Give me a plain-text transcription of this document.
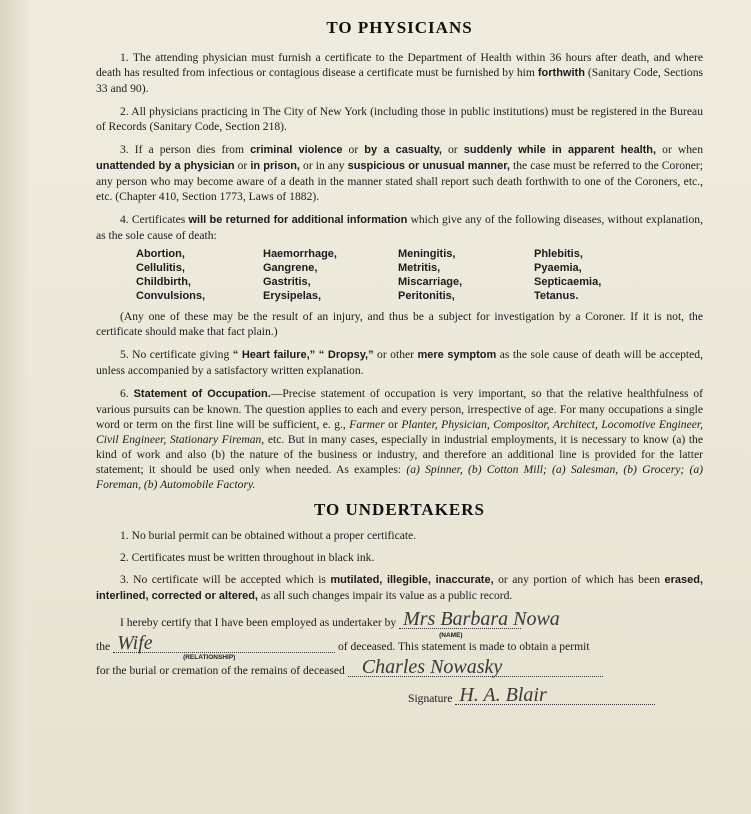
TO PHYSICIANS

1. The attending physician must furnish a certificate to the Department of Health within 36 hours after death, and where death has resulted from infectious or contagious disease a certificate must be furnished by him forthwith (Sanitary Code, Sections 33 and 90).

2. All physicians practicing in The City of New York (including those in public institutions) must be registered in the Bureau of Records (Sanitary Code, Section 218).

3. If a person dies from criminal violence or by a casualty, or suddenly while in apparent health, or when unattended by a physician or in prison, or in any suspicious or unusual manner, the case must be referred to the Coroner; any person who may become aware of a death in the manner stated shall report such death forthwith to one of the Coroners, etc., etc. (Chapter 410, Section 1773, Laws of 1882).

4. Certificates will be returned for additional information which give any of the following diseases, without explanation, as the sole cause of death:

Abortion,	Haemorrhage,	Meningitis,	Phlebitis,
Cellulitis,	Gangrene,	Metritis,	Pyaemia,
Childbirth,	Gastritis,	Miscarriage,	Septicaemia,
Convulsions,	Erysipelas,	Peritonitis,	Tetanus.

(Any one of these may be the result of an injury, and thus be a subject for investigation by a Coroner. If it is not, the certificate should make that fact plain.)

5. No certificate giving “ Heart failure,” “ Dropsy,” or other mere symptom as the sole cause of death will be accepted, unless accompanied by a satisfactory written explanation.

6. Statement of Occupation.—Precise statement of occupation is very important, so that the relative healthfulness of various pursuits can be known. The question applies to each and every person, irrespective of age. For many occupations a single word or term on the first line will be sufficient, e. g., Farmer or Planter, Physician, Compositor, Architect, Locomotive Engineer, Civil Engineer, Stationary Fireman, etc. But in many cases, especially in industrial employments, it is necessary to know (a) the kind of work and also (b) the nature of the business or industry, and therefore an additional line is provided for the latter statement; it should be used only when needed. As examples: (a) Spinner, (b) Cotton Mill; (a) Salesman, (b) Grocery; (a) Foreman, (b) Automobile Factory.

TO UNDERTAKERS

1. No burial permit can be obtained without a proper certificate.

2. Certificates must be written throughout in black ink.

3. No certificate will be accepted which is mutilated, illegible, inaccurate, or any portion of which has been erased, interlined, corrected or altered, as all such changes impair its value as a public record.

I hereby certify that I have been employed as undertaker by Mrs Barbara Nowa
(NAME)
the Wife
(RELATIONSHIP)
of deceased. This statement is made to obtain a permit
for the burial or cremation of the remains of deceased Charles Nowasky
Signature H. A. Blair
